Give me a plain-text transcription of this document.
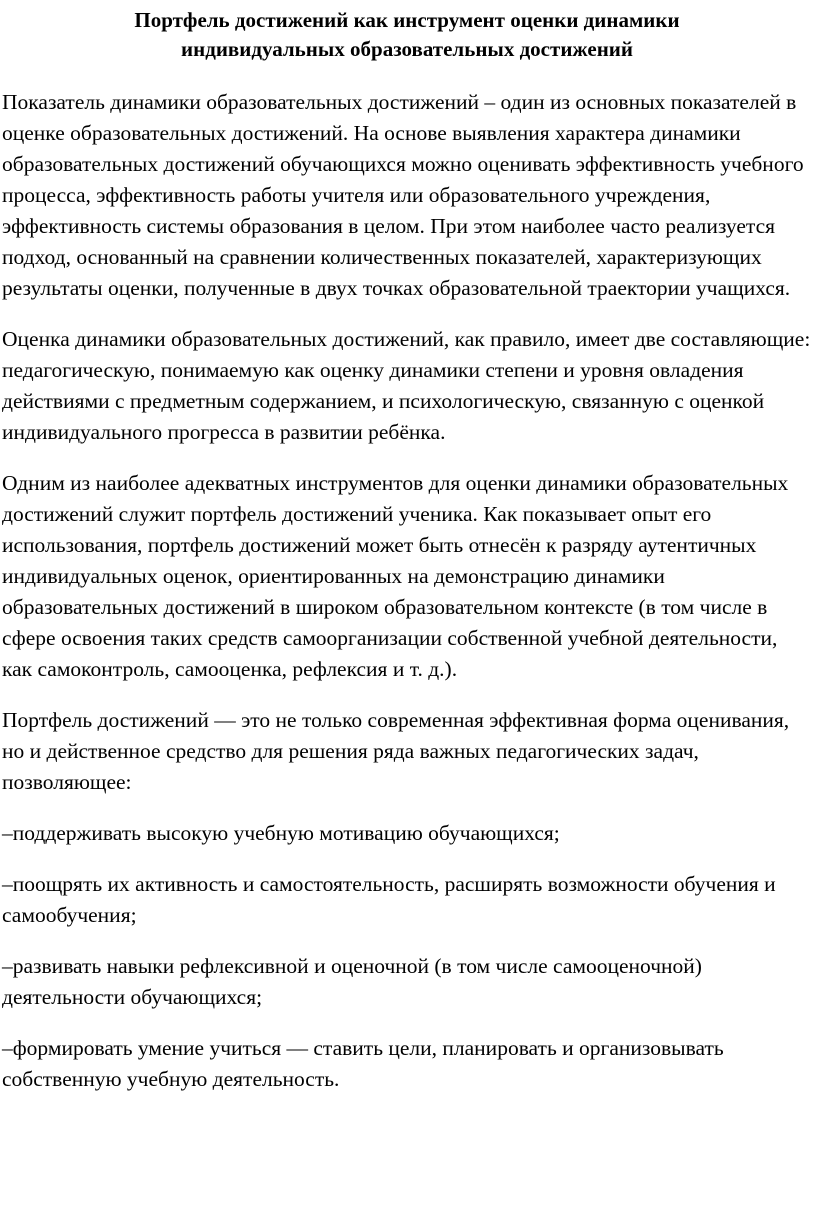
Портфель достижений как инструмент оценки динамики
индивидуальных образовательных достижений

Показатель динамики образовательных достижений – один из основных показателей в оценке образовательных достижений. На основе выявления характера динамики образовательных достижений обучающихся можно оценивать эффективность учебного процесса, эффективность работы учителя или образовательного учреждения, эффективность системы образования в целом. При этом наиболее часто реализуется подход, основанный на сравнении количественных показателей, характеризующих результаты оценки, полученные в двух точках образовательной траектории учащихся.

Оценка динамики образовательных достижений, как правило, имеет две составляющие: педагогическую, понимаемую как оценку динамики степени и уровня овладения действиями с предметным содержанием, и психологическую, связанную с оценкой индивидуального прогресса в развитии ребёнка.

Одним из наиболее адекватных инструментов для оценки динамики образовательных достижений служит портфель достижений ученика. Как показывает опыт его использования, портфель достижений может быть отнесён к разряду аутентичных индивидуальных оценок, ориентированных на демонстрацию динамики образовательных достижений в широком образовательном контексте (в том числе в сфере освоения таких средств самоорганизации собственной учебной деятельности, как самоконтроль, самооценка, рефлексия и т. д.).

Портфель достижений — это не только современная эффективная форма оценивания, но и действенное средство для решения ряда важных педагогических задач, позволяющее:

–поддерживать высокую учебную мотивацию обучающихся;

–поощрять их активность и самостоятельность, расширять возможности обучения и самообучения;

–развивать навыки рефлексивной и оценочной (в том числе самооценочной) деятельности обучающихся;

–формировать умение учиться — ставить цели, планировать и организовывать собственную учебную деятельность.
